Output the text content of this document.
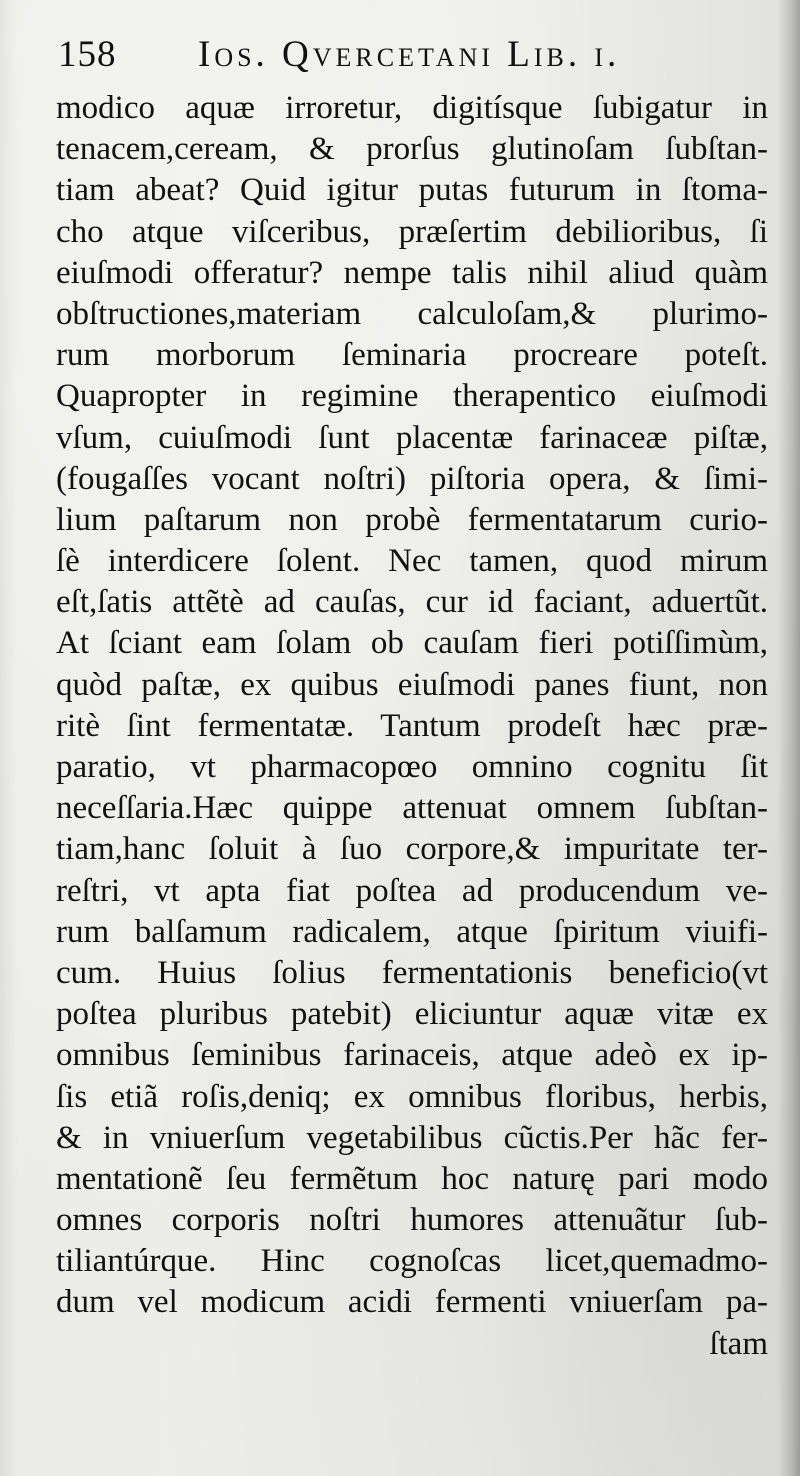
158 Ios. Qvercetani Lib. i.
modico aquæ irroretur, digitísque ſubigatur in
tenacem,ceream, & prorſus glutinoſam ſubſtan-
tiam abeat? Quid igitur putas futurum in ſtoma-
cho atque viſceribus, præſertim debilioribus, ſi
eiuſmodi offeratur? nempe talis nihil aliud quàm
obſtructiones,materiam calculoſam,& plurimo-
rum morborum ſeminaria procreare poteſt.
Quapropter in regimine therapentico eiuſmodi
vſum, cuiuſmodi ſunt placentæ farinaceæ piſtæ,
(fougaſſes vocant noſtri) piſtoria opera, & ſimi-
lium paſtarum non probè fermentatarum curio-
ſè interdicere ſolent. Nec tamen, quod mirum
eſt,ſatis attẽtè ad cauſas, cur id faciant, aduertũt.
At ſciant eam ſolam ob cauſam fieri potiſſimùm,
quòd paſtæ, ex quibus eiuſmodi panes fiunt, non
ritè ſint fermentatæ. Tantum prodeſt hæc præ-
paratio, vt pharmacopœo omnino cognitu ſit
neceſſaria.Hæc quippe attenuat omnem ſubſtan-
tiam,hanc ſoluit à ſuo corpore,& impuritate ter-
reſtri, vt apta fiat poſtea ad producendum ve-
rum balſamum radicalem, atque ſpiritum viuifi-
cum. Huius ſolius fermentationis beneficio(vt
poſtea pluribus patebit) eliciuntur aquæ vitæ ex
omnibus ſeminibus farinaceis, atque adeò ex ip-
ſis etiã roſis,deniq; ex omnibus floribus, herbis,
& in vniuerſum vegetabilibus cũctis.Per hãc fer-
mentationẽ ſeu fermẽtum hoc naturę pari modo
omnes corporis noſtri humores attenuãtur ſub-
tiliantúrque. Hinc cognoſcas licet,quemadmo-
dum vel modicum acidi fermenti vniuerſam pa-
ſtam
